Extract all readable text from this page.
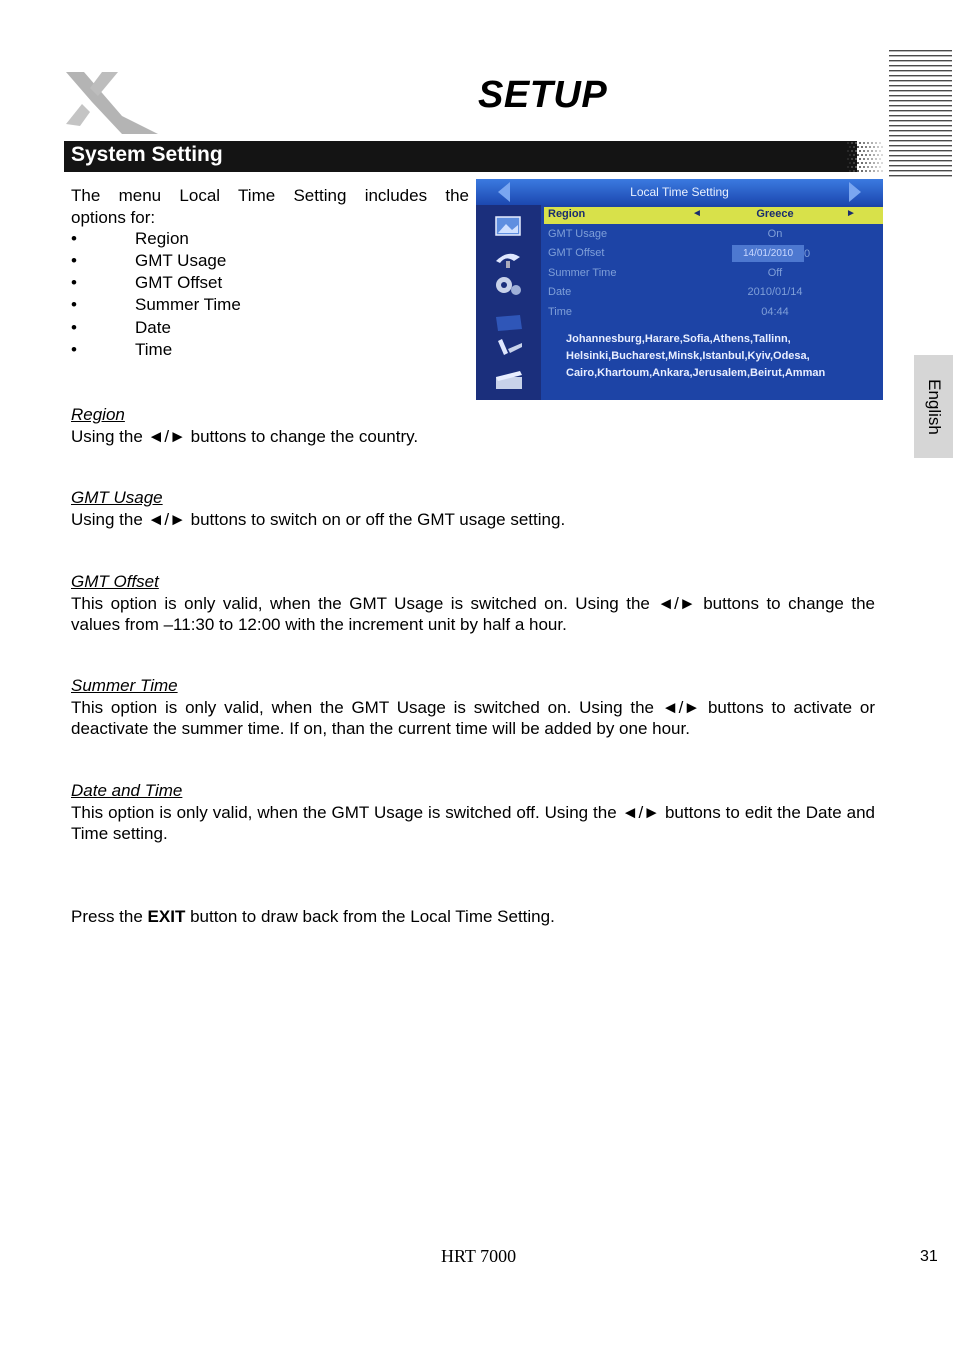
SETUP
System Setting
English
The menu Local Time Setting includes the
options for:
•	Region
•	GMT Usage
•	GMT Offset
•	Summer Time
•	Date
•	Time
Local Time Setting
Region	Greece
◄	►
GMT Usage	On
GMT Offset	14/01/2010 0
Summer Time	Off
Date	2010/01/14
Time	04:44
Johannesburg,Harare,Sofia,Athens,Tallinn, Helsinki,Bucharest,Minsk,Istanbul,Kyiv,Odesa, Cairo,Khartoum,Ankara,Jerusalem,Beirut,Amman
Region
Using the ◄/► buttons to change the country.
GMT Usage
Using the ◄/► buttons to switch on or off the GMT usage setting.
GMT Offset
This option is only valid, when the GMT Usage is switched on. Using the ◄/► buttons to change the values from –11:30 to 12:00 with the increment unit by half a hour.
Summer Time
This option is only valid, when the GMT Usage is switched on. Using the ◄/► buttons to activate or deactivate the summer time. If on, than the current time will be added by one hour.
Date and Time
This option is only valid, when the GMT Usage is switched off. Using the ◄/► buttons to edit the Date and Time setting.
Press the EXIT button to draw back from the Local Time Setting.
HRT 7000	31
